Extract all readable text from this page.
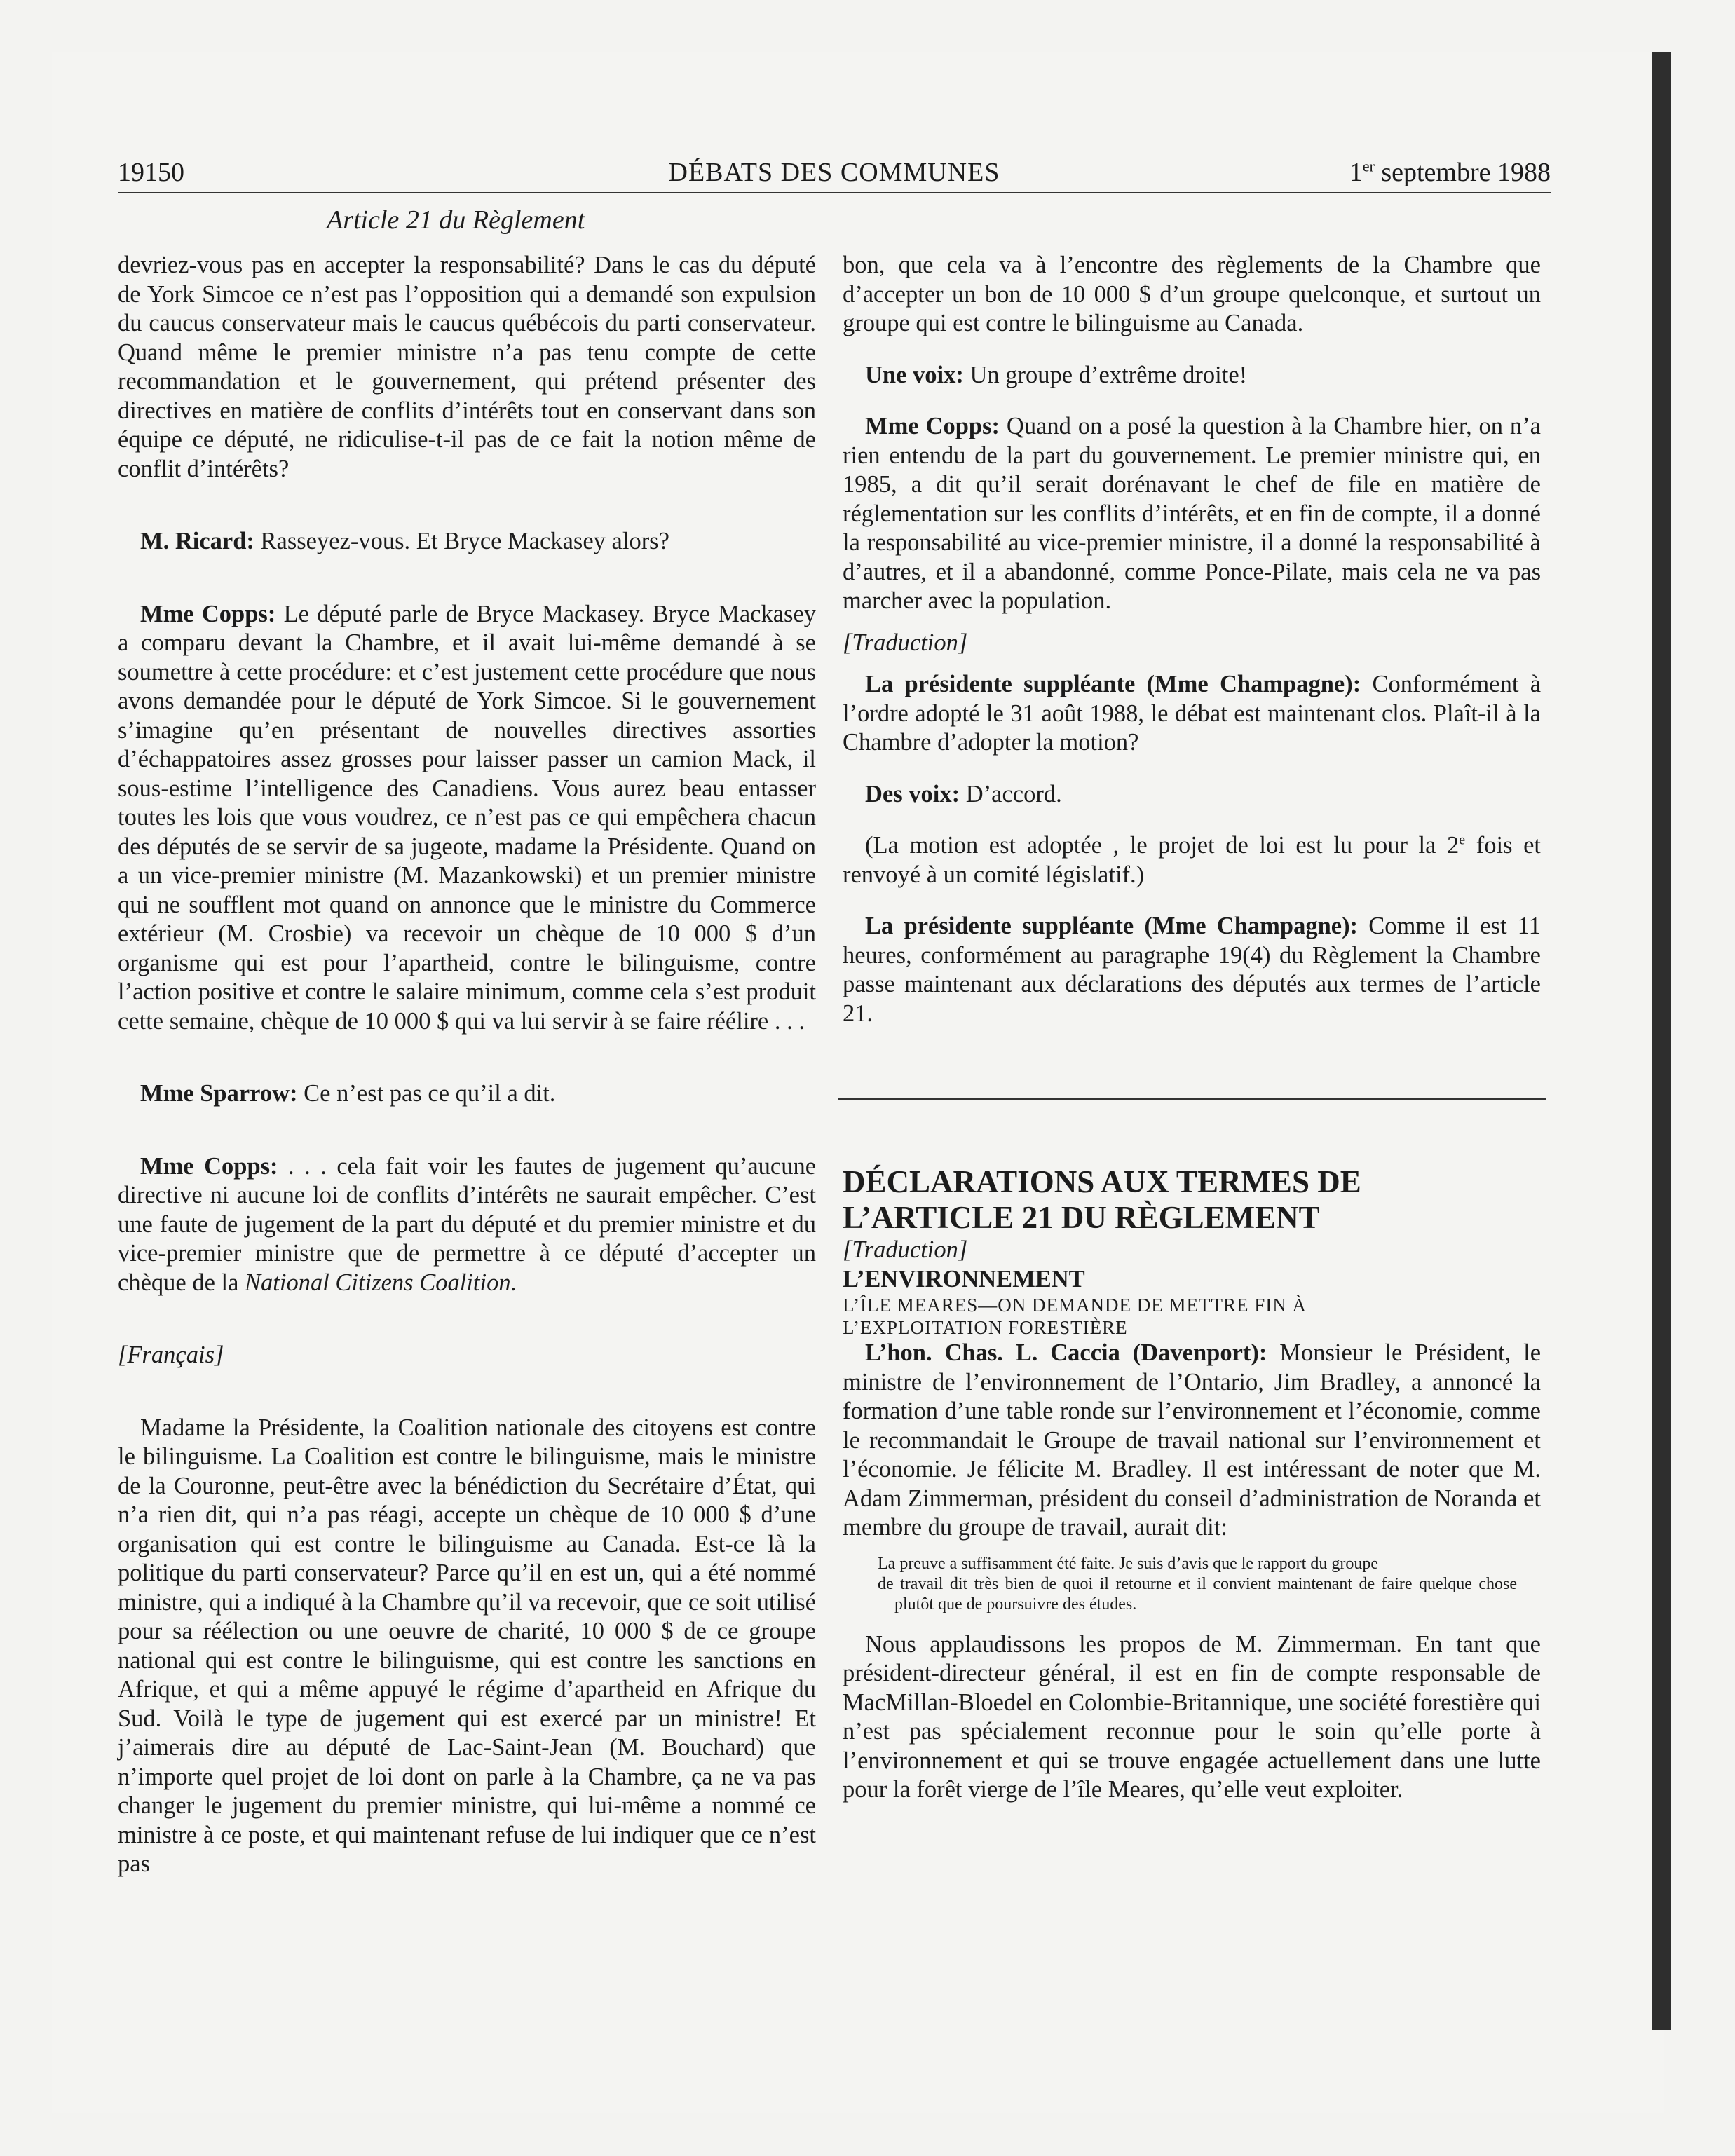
19150	DÉBATS DES COMMUNES	1er septembre 1988
Article 21 du Règlement

devriez-vous pas en accepter la responsabilité? Dans le cas du député de York Simcoe ce n’est pas l’opposition qui a demandé son expulsion du caucus conservateur mais le caucus québécois du parti conservateur. Quand même le premier ministre n’a pas tenu compte de cette recommandation et le gouvernement, qui prétend présenter des directives en matière de conflits d’intérêts tout en conservant dans son équipe ce député, ne ridiculise-t-il pas de ce fait la notion même de conflit d’intérêts?

M. Ricard: Rasseyez-vous. Et Bryce Mackasey alors?

Mme Copps: Le député parle de Bryce Mackasey. Bryce Mackasey a comparu devant la Chambre, et il avait lui-même demandé à se soumettre à cette procédure: et c’est justement cette procédure que nous avons demandée pour le député de York Simcoe. Si le gouvernement s’imagine qu’en présentant de nouvelles directives assorties d’échappatoires assez grosses pour laisser passer un camion Mack, il sous-estime l’intelligence des Canadiens. Vous aurez beau entasser toutes les lois que vous voudrez, ce n’est pas ce qui empêchera chacun des députés de se servir de sa jugeote, madame la Présidente. Quand on a un vice-premier ministre (M. Mazankowski) et un premier ministre qui ne soufflent mot quand on annonce que le ministre du Commerce extérieur (M. Crosbie) va recevoir un chèque de 10 000 $ d’un organisme qui est pour l’apartheid, contre le bilinguisme, contre l’action positive et contre le salaire minimum, comme cela s’est produit cette semaine, chèque de 10 000 $ qui va lui servir à se faire réélire . . .

Mme Sparrow: Ce n’est pas ce qu’il a dit.

Mme Copps: . . . cela fait voir les fautes de jugement qu’aucune directive ni aucune loi de conflits d’intérêts ne saurait empêcher. C’est une faute de jugement de la part du député et du premier ministre et du vice-premier ministre que de permettre à ce député d’accepter un chèque de la National Citizens Coalition.

[Français]

Madame la Présidente, la Coalition nationale des citoyens est contre le bilinguisme. La Coalition est contre le bilinguisme, mais le ministre de la Couronne, peut-être avec la bénédiction du Secrétaire d’État, qui n’a rien dit, qui n’a pas réagi, accepte un chèque de 10 000 $ d’une organisation qui est contre le bilinguisme au Canada. Est-ce là la politique du parti conservateur? Parce qu’il en est un, qui a été nommé ministre, qui a indiqué à la Chambre qu’il va recevoir, que ce soit utilisé pour sa réélection ou une oeuvre de charité, 10 000 $ de ce groupe national qui est contre le bilinguisme, qui est contre les sanctions en Afrique, et qui a même appuyé le régime d’apartheid en Afrique du Sud. Voilà le type de jugement qui est exercé par un ministre! Et j’aimerais dire au député de Lac-Saint-Jean (M. Bouchard) que n’importe quel projet de loi dont on parle à la Chambre, ça ne va pas changer le jugement du premier ministre, qui lui-même a nommé ce ministre à ce poste, et qui maintenant refuse de lui indiquer que ce n’est pas

bon, que cela va à l’encontre des règlements de la Chambre que d’accepter un bon de 10 000 $ d’un groupe quelconque, et surtout un groupe qui est contre le bilinguisme au Canada.

Une voix: Un groupe d’extrême droite!

Mme Copps: Quand on a posé la question à la Chambre hier, on n’a rien entendu de la part du gouvernement. Le premier ministre qui, en 1985, a dit qu’il serait dorénavant le chef de file en matière de réglementation sur les conflits d’intérêts, et en fin de compte, il a donné la responsabilité au vice-premier ministre, il a donné la responsabilité à d’autres, et il a abandonné, comme Ponce-Pilate, mais cela ne va pas marcher avec la population.

[Traduction]

La présidente suppléante (Mme Champagne): Conformément à l’ordre adopté le 31 août 1988, le débat est maintenant clos. Plaît-il à la Chambre d’adopter la motion?

Des voix: D’accord.

(La motion est adoptée , le projet de loi est lu pour la 2e fois et renvoyé à un comité législatif.)

La présidente suppléante (Mme Champagne): Comme il est 11 heures, conformément au paragraphe 19(4) du Règlement la Chambre passe maintenant aux déclarations des députés aux termes de l’article 21.

DÉCLARATIONS AUX TERMES DE
L’ARTICLE 21 DU RÈGLEMENT

[Traduction]

L’ENVIRONNEMENT

L’ÎLE MEARES—ON DEMANDE DE METTRE FIN À
L’EXPLOITATION FORESTIÈRE

L’hon. Chas. L. Caccia (Davenport): Monsieur le Président, le ministre de l’environnement de l’Ontario, Jim Bradley, a annoncé la formation d’une table ronde sur l’environnement et l’économie, comme le recommandait le Groupe de travail national sur l’environnement et l’économie. Je félicite M. Bradley. Il est intéressant de noter que M. Adam Zimmerman, président du conseil d’administration de Noranda et membre du groupe de travail, aurait dit:

La preuve a suffisamment été faite. Je suis d’avis que le rapport du groupe
de travail dit très bien de quoi il retourne et il convient maintenant de faire quelque chose plutôt que de poursuivre des études.

Nous applaudissons les propos de M. Zimmerman. En tant que président-directeur général, il est en fin de compte responsable de MacMillan-Bloedel en Colombie-Britannique, une société forestière qui n’est pas spécialement reconnue pour le soin qu’elle porte à l’environnement et qui se trouve engagée actuellement dans une lutte pour la forêt vierge de l’île Meares, qu’elle veut exploiter.
